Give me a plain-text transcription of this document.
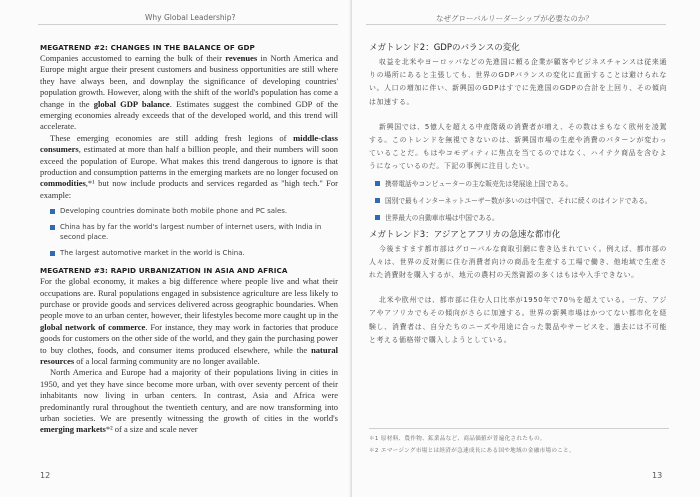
Why Global Leadership?
MEGATREND #2: CHANGES IN THE BALANCE OF GDP

Companies accustomed to earning the bulk of their revenues in North America and Europe might argue their present customers and business opportunities are still where they have always been, and downplay the significance of developing countries' population growth. However, along with the shift of the world's population has come a change in the global GDP balance. Estimates suggest the combined GDP of the emerging economies already exceeds that of the developed world, and this trend will accelerate.

These emerging economies are still adding fresh legions of middle-class consumers, estimated at more than half a billion people, and their numbers will soon exceed the population of Europe. What makes this trend dangerous to ignore is that production and consumption patterns in the emerging markets are no longer focused on commodities,*¹ but now include products and services regarded as "high tech." For example:

Developing countries dominate both mobile phone and PC sales.
China has by far the world's largest number of internet users, with India in second place.
The largest automotive market in the world is China.
MEGATREND #3: RAPID URBANIZATION IN ASIA AND AFRICA

For the global economy, it makes a big difference where people live and what their occupations are. Rural populations engaged in subsistence agriculture are less likely to purchase or provide goods and services delivered across geographic boundaries. When people move to an urban center, however, their lifestyles become more caught up in the global network of commerce. For instance, they may work in factories that produce goods for customers on the other side of the world, and they gain the purchasing power to buy clothes, foods, and consumer items produced elsewhere, while the natural resources of a local farming community are no longer available.

North America and Europe had a majority of their populations living in cities in 1950, and yet they have since become more urban, with over seventy percent of their inhabitants now living in urban centers. In contrast, Asia and Africa were predominantly rural throughout the twentieth century, and are now transforming into urban societies. We are presently witnessing the growth of cities in the world's emerging markets*² of a size and scale never

12
なぜグローバルリーダーシップが必要なのか？
メガトレンド2：GDPのバランスの変化

収益を北米やヨーロッパなどの先進国に頼る企業が顧客やビジネスチャンスは従来通りの場所にあると主張しても、世界のGDPバランスの変化に直面することは避けられない。人口の増加に伴い、新興国のGDPはすでに先進国のGDPの合計を上回り、その傾向は加速する。

新興国では、5億人を超える中産階級の消費者が増え、その数はまもなく欧州を凌駕する。このトレンドを無視できないのは、新興国市場の生産や消費のパターンが変わっていることだ。もはやコモディティに焦点を当てるのではなく、ハイテク商品を含むようになっているのだ。下記の事例に注目したい。

携帯電話やコンピューターの主な販売先は発展途上国である。
国別で最もインターネットユーザー数が多いのは中国で、それに続くのはインドである。
世界最大の自動車市場は中国である。
メガトレンド3：アジアとアフリカの急速な都市化

今後ますます都市部はグローバルな商取引網に巻き込まれていく。例えば、都市部の人々は、世界の反対側に住む消費者向けの商品を生産する工場で働き、他地域で生産された消費財を購入するが、地元の農村の天然資源の多くはもはや入手できない。

北米や欧州では、都市部に住む人口比率が1950年で70％を超えている。一方、アジアやアフリカでもその傾向がさらに加速する。世界の新興市場はかつてない都市化を経験し、消費者は、自分たちのニーズや用途に合った製品やサービスを、過去には不可能と考える価格帯で購入しようとしている。

＊1 原材料、農作物、鉱業品など、商品価値が普遍化されたもの。
＊2 エマージング市場とは経済が急速成長にある国や地域の金融市場のこと。
13
